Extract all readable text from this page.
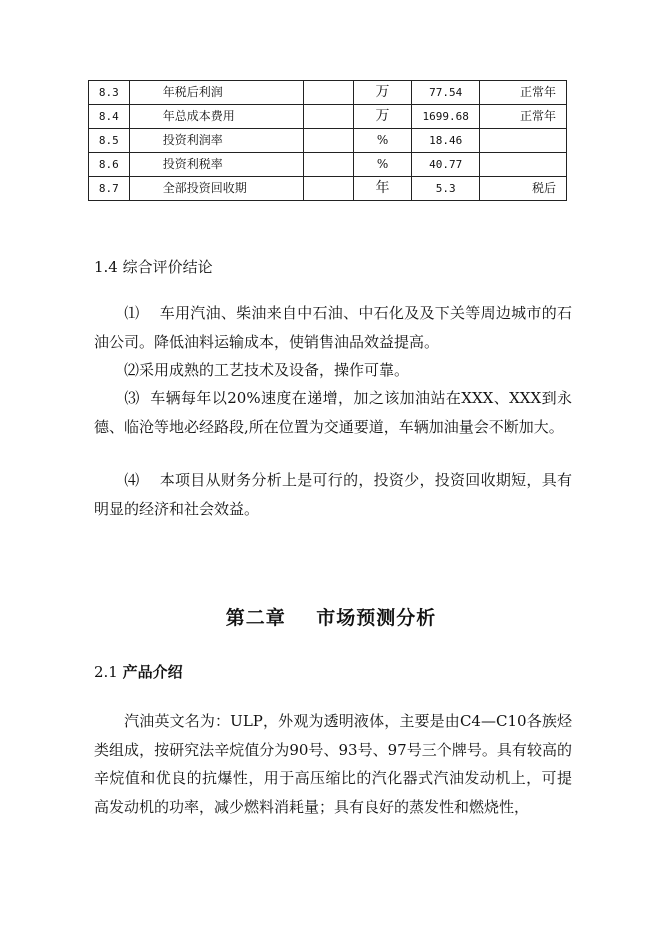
8.3	年税后利润		万	77.54	正常年
8.4	年总成本费用		万	1699.68	正常年
8.5	投资利润率		%	18.46	
8.6	投资利税率		%	40.77	
8.7	全部投资回收期		年	5.3	税后
1.4 综合评价结论
⑴ 车用汽油、柴油来自中石油、中石化及及下关等周边城市的石油公司。降低油料运输成本，使销售油品效益提高。
⑵采用成熟的工艺技术及设备，操作可靠。
⑶ 车辆每年以20%速度在递增，加之该加油站在XXX、XXX到永德、临沧等地必经路段,所在位置为交通要道，车辆加油量会不断加大。
⑷ 本项目从财务分析上是可行的，投资少，投资回收期短，具有明显的经济和社会效益。
第二章    市场预测分析
2.1 产品介绍
汽油英文名为：ULP，外观为透明液体，主要是由C4—C10各族烃类组成，按研究法辛烷值分为90号、93号、97号三个牌号。具有较高的辛烷值和优良的抗爆性，用于高压缩比的汽化器式汽油发动机上，可提高发动机的功率，减少燃料消耗量；具有良好的蒸发性和燃烧性，
